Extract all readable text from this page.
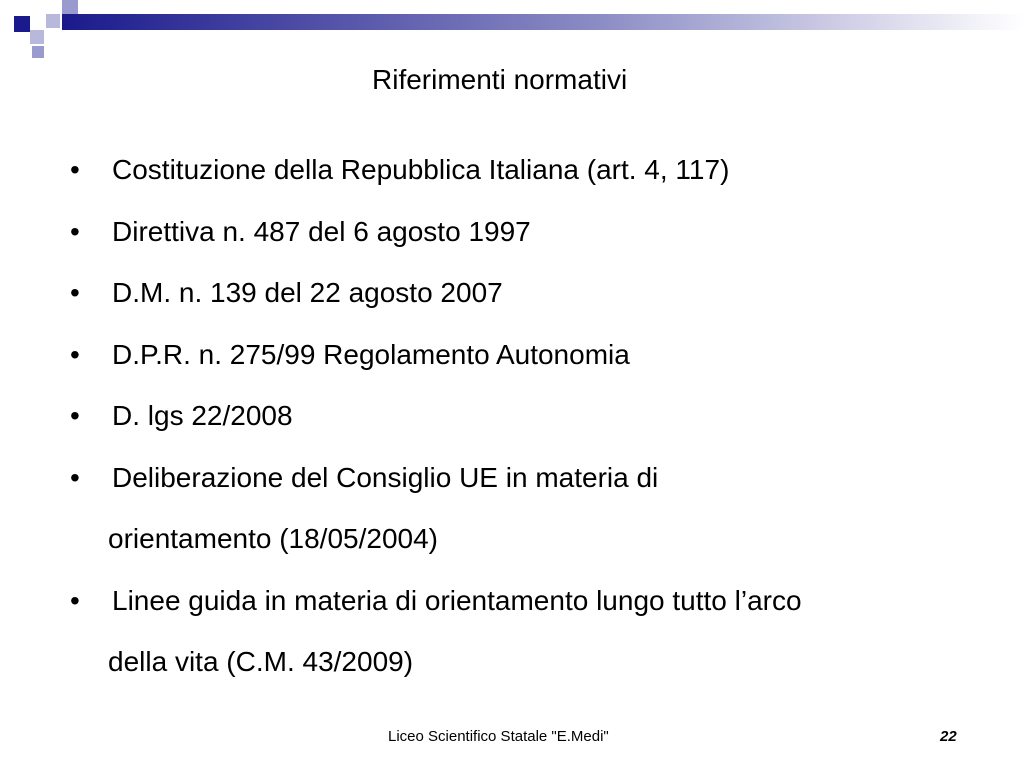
Riferimenti normativi
• Costituzione della Repubblica Italiana (art. 4, 117)
• Direttiva n. 487 del 6 agosto 1997
• D.M. n. 139 del 22 agosto 2007
• D.P.R. n. 275/99 Regolamento Autonomia
• D. lgs 22/2008
• Deliberazione del Consiglio UE in materia di
orientamento (18/05/2004)
• Linee guida in materia di orientamento lungo tutto l’arco
della vita (C.M. 43/2009)
Liceo Scientifico Statale "E.Medi"	22
